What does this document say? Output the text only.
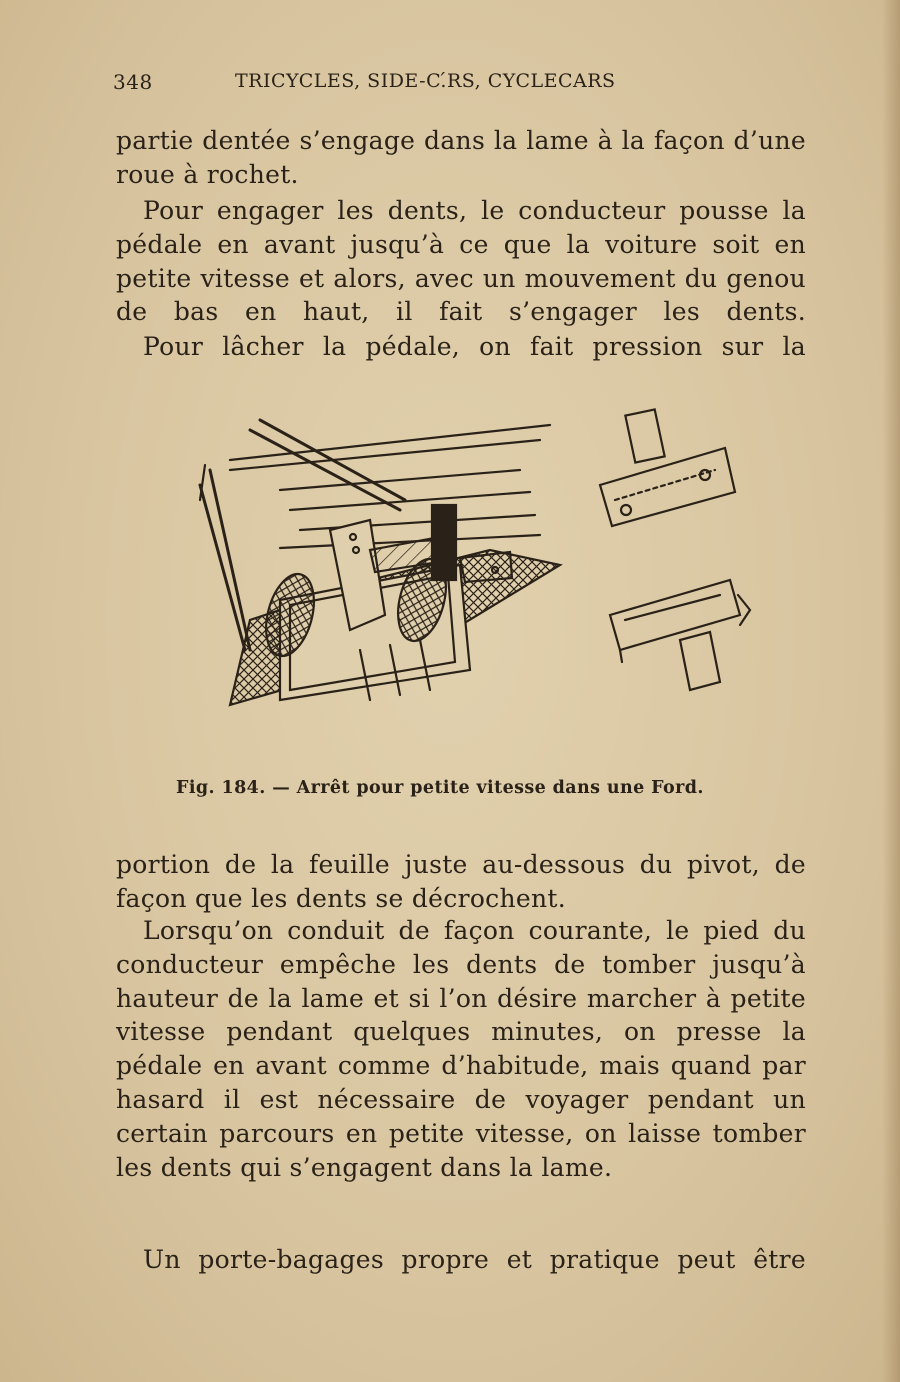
348	TRICYCLES, SIDE-C.́RS, CYCLECARS
partie dentée s’engage dans la lame à la façon d’une roue à rochet.
Pour engager les dents, le conducteur pousse la pédale en avant jusqu’à ce que la voiture soit en petite vitesse et alors, avec un mouvement du genou de bas en haut, il fait s’engager les dents.
Pour lâcher la pédale, on fait pression sur la
Fig. 184. — Arrêt pour petite vitesse dans une Ford.
portion de la feuille juste au-dessous du pivot, de façon que les dents se décrochent.
Lorsqu’on conduit de façon courante, le pied du conducteur empêche les dents de tomber jusqu’à hauteur de la lame et si l’on désire marcher à petite vitesse pendant quelques minutes, on presse la pédale en avant comme d’habitude, mais quand par hasard il est nécessaire de voyager pendant un certain parcours en petite vitesse, on laisse tomber les dents qui s’engagent dans la lame.
Un porte-bagages propre et pratique peut être
